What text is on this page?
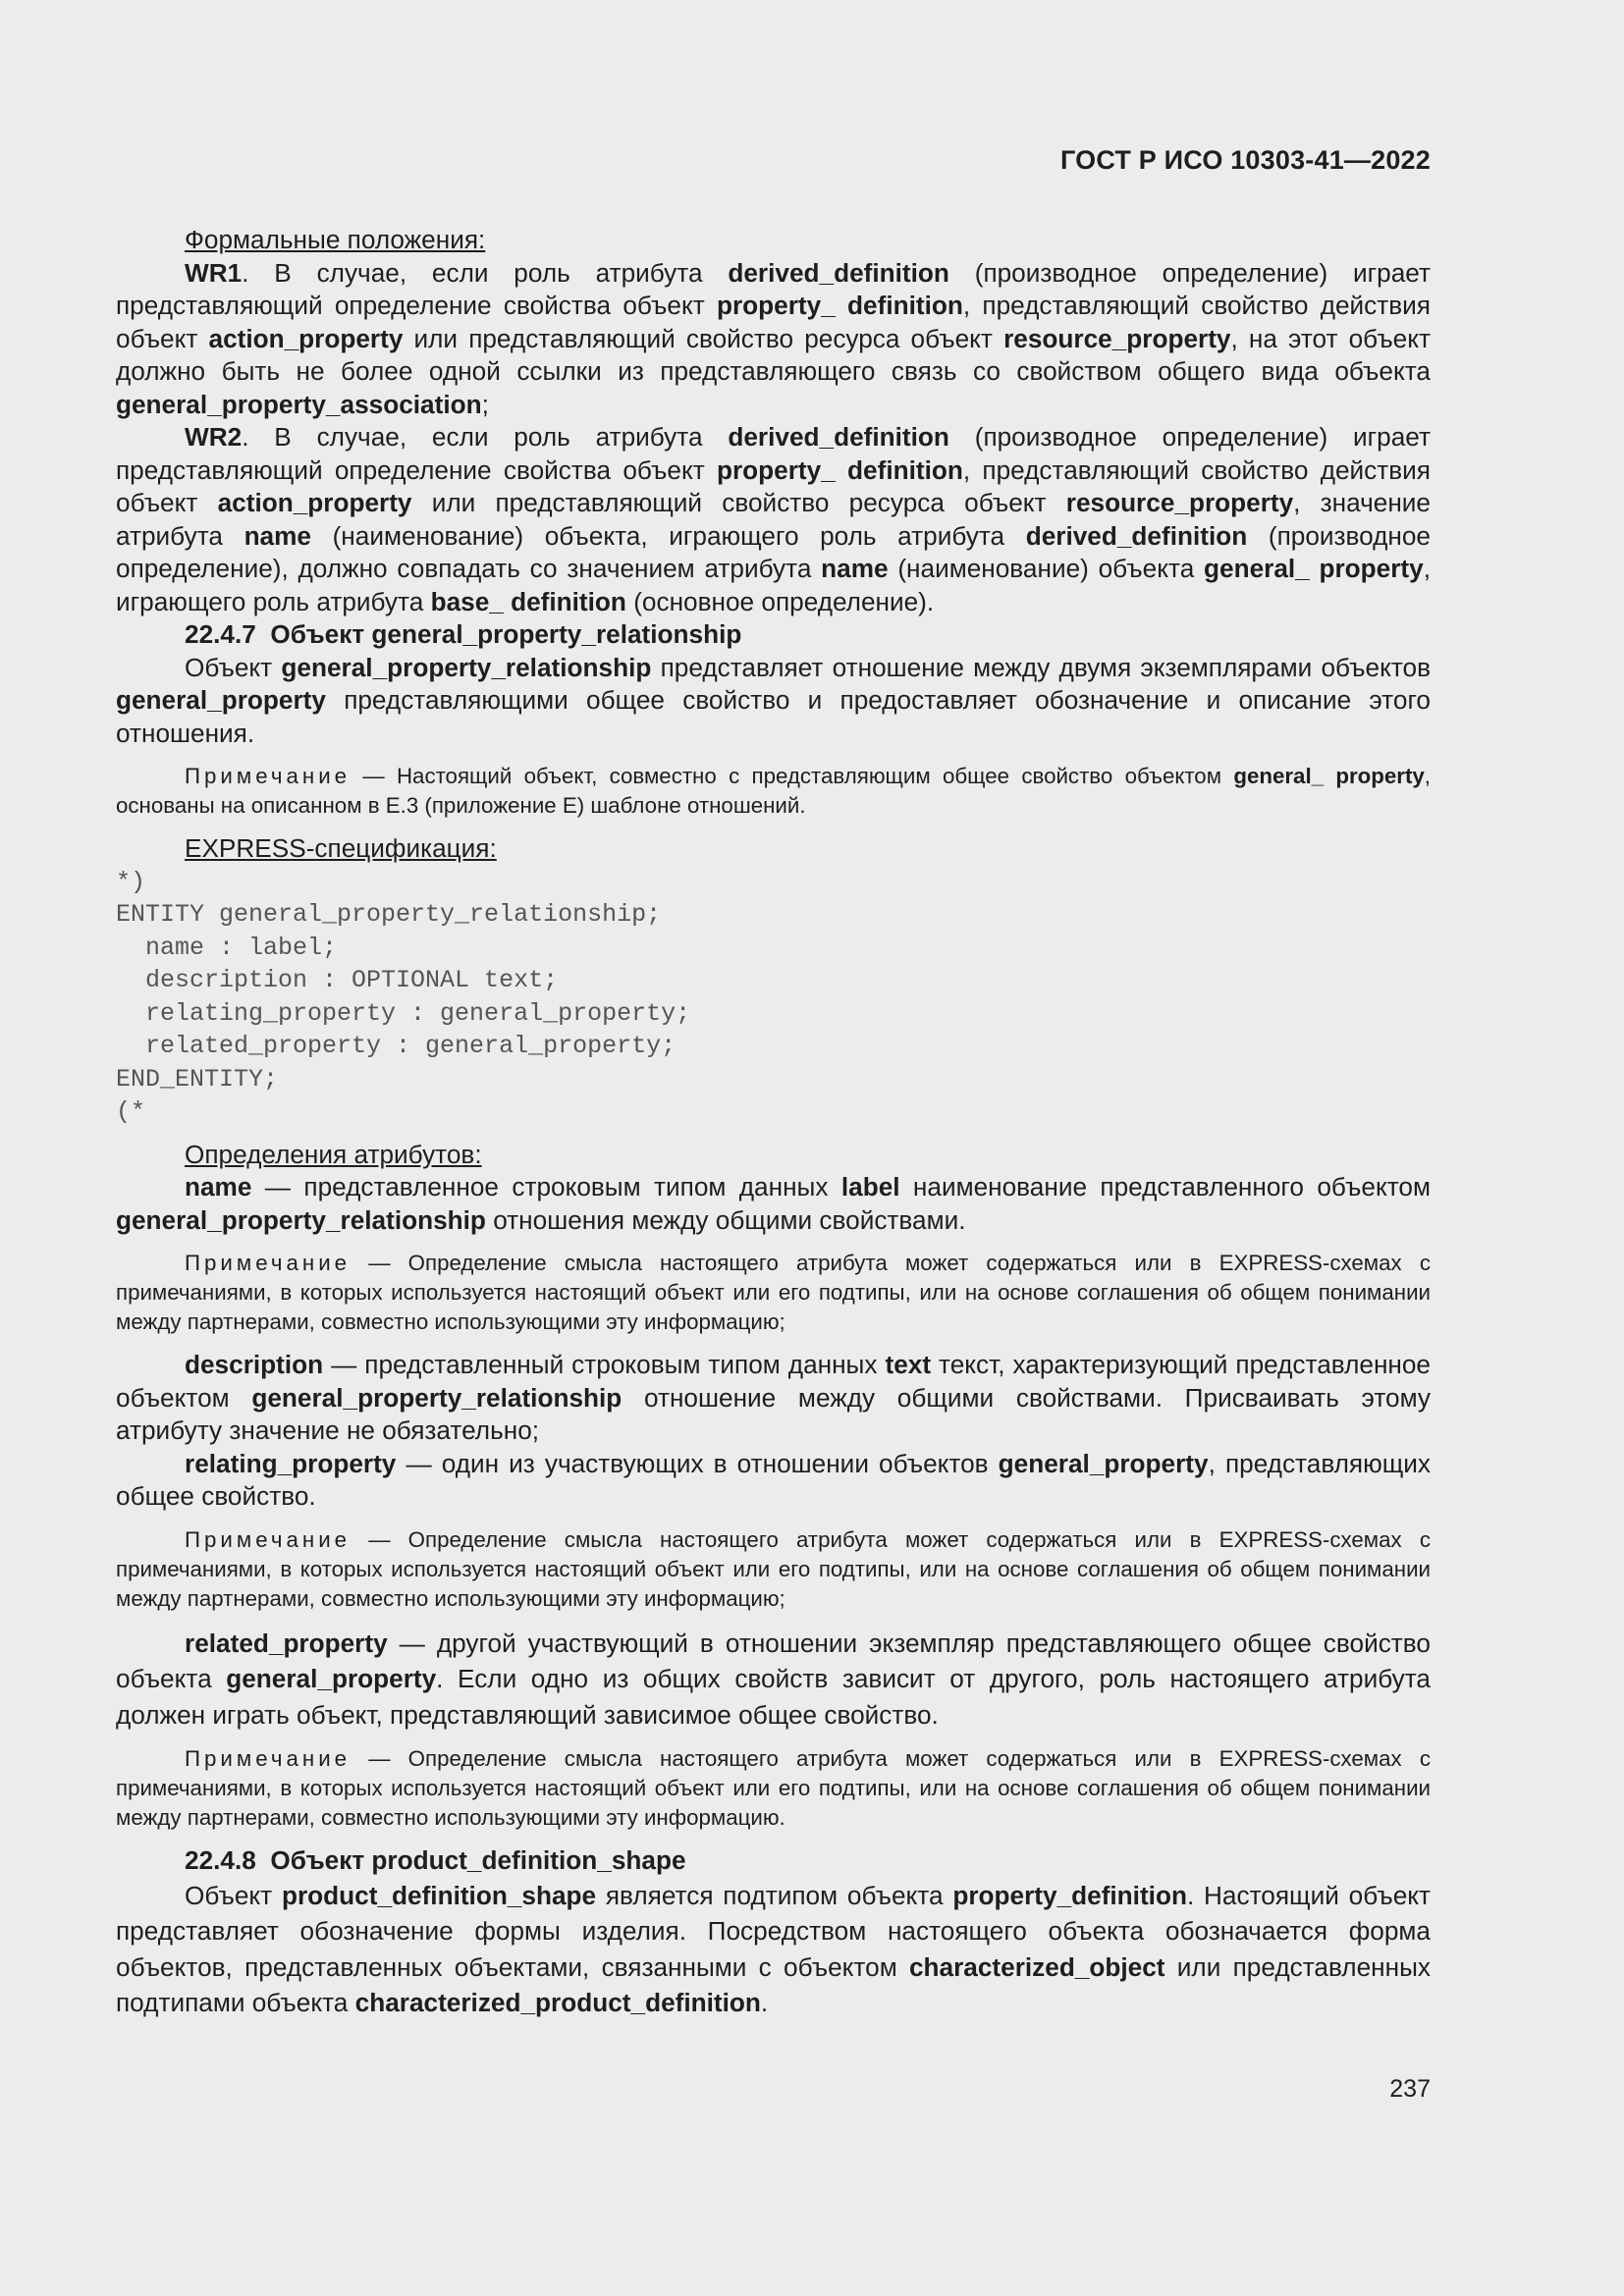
ГОСТ Р ИСО 10303-41—2022

Формальные положения:

WR1. В случае, если роль атрибута derived_definition (производное определение) играет представляющий определение свойства объект property_ definition, представляющий свойство действия объект action_property или представляющий свойство ресурса объект resource_property, на этот объект должно быть не более одной ссылки из представляющего связь со свойством общего вида объекта general_property_association;

WR2. В случае, если роль атрибута derived_definition (производное определение) играет представляющий определение свойства объект property_ definition, представляющий свойство действия объект action_property или представляющий свойство ресурса объект resource_property, значение атрибута name (наименование) объекта, играющего роль атрибута derived_definition (производное определение), должно совпадать со значением атрибута name (наименование) объекта general_ property, играющего роль атрибута base_ definition (основное определение).

22.4.7 Объект general_property_relationship

Объект general_property_relationship представляет отношение между двумя экземплярами объектов general_property представляющими общее свойство и предоставляет обозначение и описание этого отношения.

Примечание — Настоящий объект, совместно с представляющим общее свойство объектом general_ property, основаны на описанном в Е.3 (приложение Е) шаблоне отношений.

EXPRESS-спецификация:

*)
ENTITY general_property_relationship;
name : label;
description : OPTIONAL text;
relating_property : general_property;
related_property : general_property;
END_ENTITY;
(*

Определения атрибутов:

name — представленное строковым типом данных label наименование представленного объектом general_property_relationship отношения между общими свойствами.

Примечание — Определение смысла настоящего атрибута может содержаться или в EXPRESS-схемах с примечаниями, в которых используется настоящий объект или его подтипы, или на основе соглашения об общем понимании между партнерами, совместно использующими эту информацию;

description — представленный строковым типом данных text текст, характеризующий представленное объектом general_property_relationship отношение между общими свойствами. Присваивать этому атрибуту значение не обязательно;

relating_property — один из участвующих в отношении объектов general_property, представляющих общее свойство.

Примечание — Определение смысла настоящего атрибута может содержаться или в EXPRESS-схемах с примечаниями, в которых используется настоящий объект или его подтипы, или на основе соглашения об общем понимании между партнерами, совместно использующими эту информацию;

related_property — другой участвующий в отношении экземпляр представляющего общее свойство объекта general_property. Если одно из общих свойств зависит от другого, роль настоящего атрибута должен играть объект, представляющий зависимое общее свойство.

Примечание — Определение смысла настоящего атрибута может содержаться или в EXPRESS-схемах с примечаниями, в которых используется настоящий объект или его подтипы, или на основе соглашения об общем понимании между партнерами, совместно использующими эту информацию.

22.4.8 Объект product_definition_shape

Объект product_definition_shape является подтипом объекта property_definition. Настоящий объект представляет обозначение формы изделия. Посредством настоящего объекта обозначается форма объектов, представленных объектами, связанными с объектом characterized_object или представленных подтипами объекта characterized_product_definition.

237
